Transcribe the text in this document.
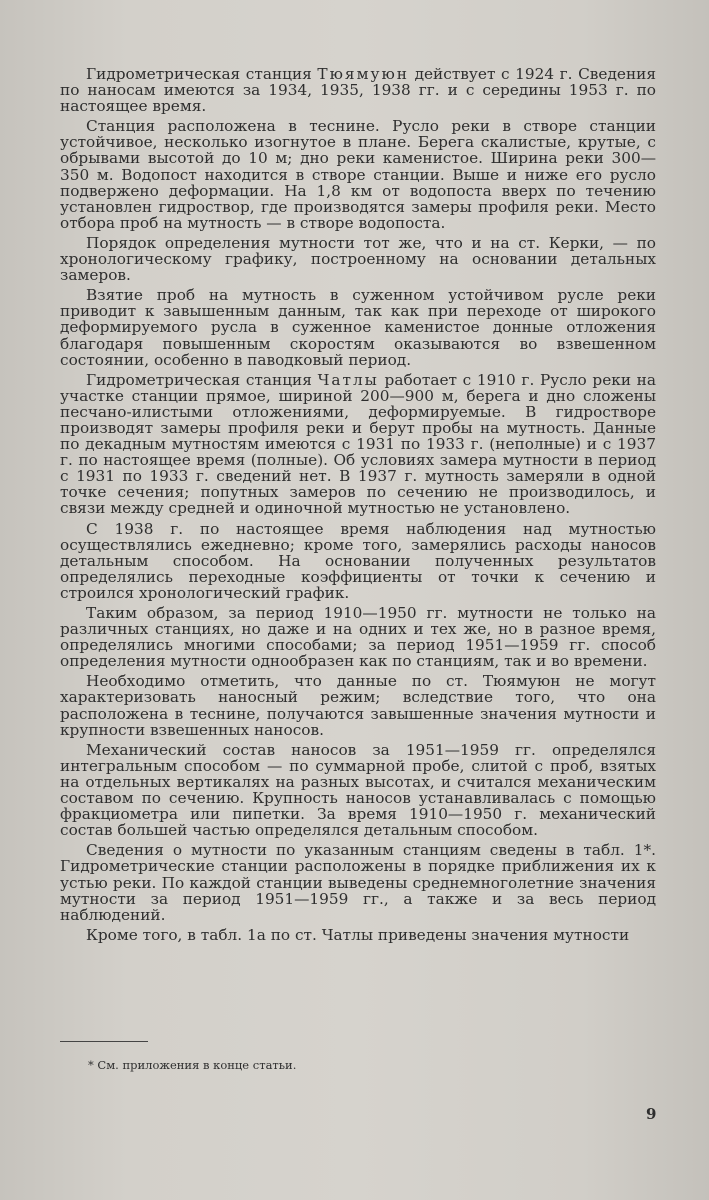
Гидрометрическая станция Тюямуюн действует с 1924 г. Сведения по наносам имеются за 1934, 1935, 1938 гг. и с середины 1953 г. по настоящее время.

Станция расположена в теснине. Русло реки в створе станции устойчивое, несколько изогнутое в плане. Берега скалистые, крутые, с обрывами высотой до 10 м; дно реки каменистое. Ширина реки 300—350 м. Водопост находится в створе станции. Выше и ниже его русло подвержено деформации. На 1,8 км от водопоста вверх по течению установлен гидроствор, где производятся замеры профиля реки. Место отбора проб на мутность — в створе водопоста.

Порядок определения мутности тот же, что и на ст. Керки, — по хронологическому графику, построенному на основании детальных замеров.

Взятие проб на мутность в суженном устойчивом русле реки приводит к завышенным данным, так как при переходе от широкого деформируемого русла в суженное каменистое донные отложения благодаря повышенным скоростям оказываются во взвешенном состоянии, особенно в паводковый период.

Гидрометрическая станция Чатлы работает с 1910 г. Русло реки на участке станции прямое, шириной 200—900 м, берега и дно сложены песчано-илистыми отложениями, деформируемые. В гидростворе производят замеры профиля реки и берут пробы на мутность. Данные по декадным мутностям имеются с 1931 по 1933 г. (неполные) и с 1937 г. по настоящее время (полные). Об условиях замера мутности в период с 1931 по 1933 г. сведений нет. В 1937 г. мутность замеряли в одной точке сечения; попутных замеров по сечению не производилось, и связи между средней и одиночной мутностью не установлено.

С 1938 г. по настоящее время наблюдения над мутностью осуществлялись ежедневно; кроме того, замерялись расходы наносов детальным способом. На основании полученных результатов определялись переходные коэффициенты от точки к сечению и строился хронологический график.

Таким образом, за период 1910—1950 гг. мутности не только на различных станциях, но даже и на одних и тех же, но в разное время, определялись многими способами; за период 1951—1959 гг. способ определения мутности однообразен как по станциям, так и во времени.

Необходимо отметить, что данные по ст. Тюямуюн не могут характеризовать наносный режим; вследствие того, что она расположена в теснине, получаются завышенные значения мутности и крупности взвешенных наносов.

Механический состав наносов за 1951—1959 гг. определялся интегральным способом — по суммарной пробе, слитой с проб, взятых на отдельных вертикалях на разных высотах, и считался механическим составом по сечению. Крупность наносов устанавливалась с помощью фракциометра или пипетки. За время 1910—1950 г. механический состав большей частью определялся детальным способом.

Сведения о мутности по указанным станциям сведены в табл. 1*. Гидрометрические станции расположены в порядке приближения их к устью реки. По каждой станции выведены среднемноголетние значения мутности за период 1951—1959 гг., а также и за весь период наблюдений.

Кроме того, в табл. 1а по ст. Чатлы приведены значения мутности

* См. приложения в конце статьи.
9
